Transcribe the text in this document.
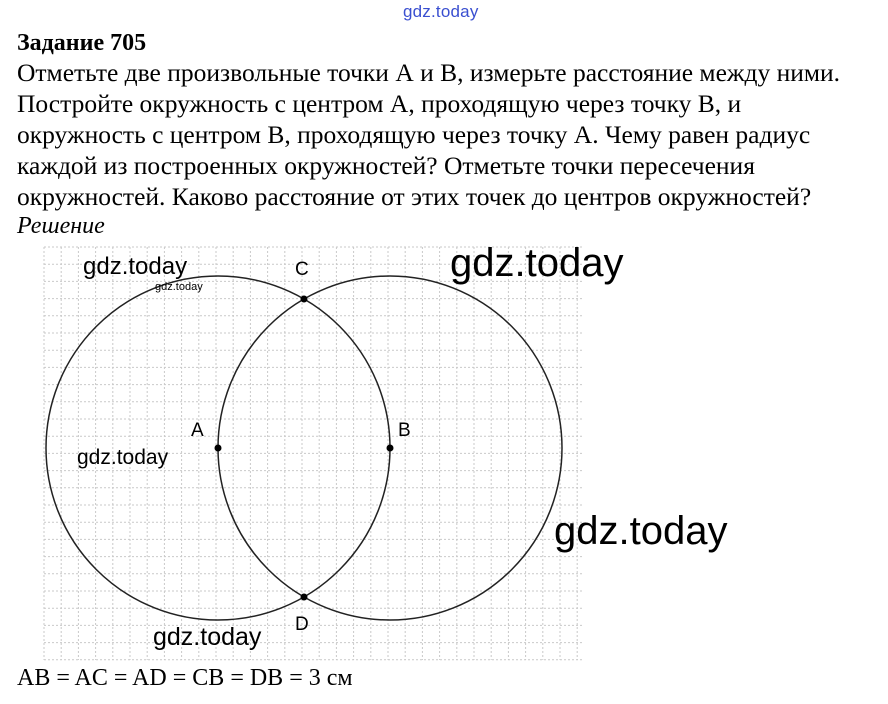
gdz.today
Задание 705
Отметьте две произвольные точки А и В, измерьте расстояние между ними.
Постройте окружность с центром А, проходящую через точку В, и
окружность с центром В, проходящую через точку А. Чему равен радиус
каждой из построенных окружностей? Отметьте точки пересечения
окружностей. Каково расстояние от этих точек до центров окружностей?
Решение
A	B
C
D
gdz.today
gdz.today
gdz.today
gdz.today
gdz.today
gdz.today
AB = AC = AD = CB = DB = 3 см
